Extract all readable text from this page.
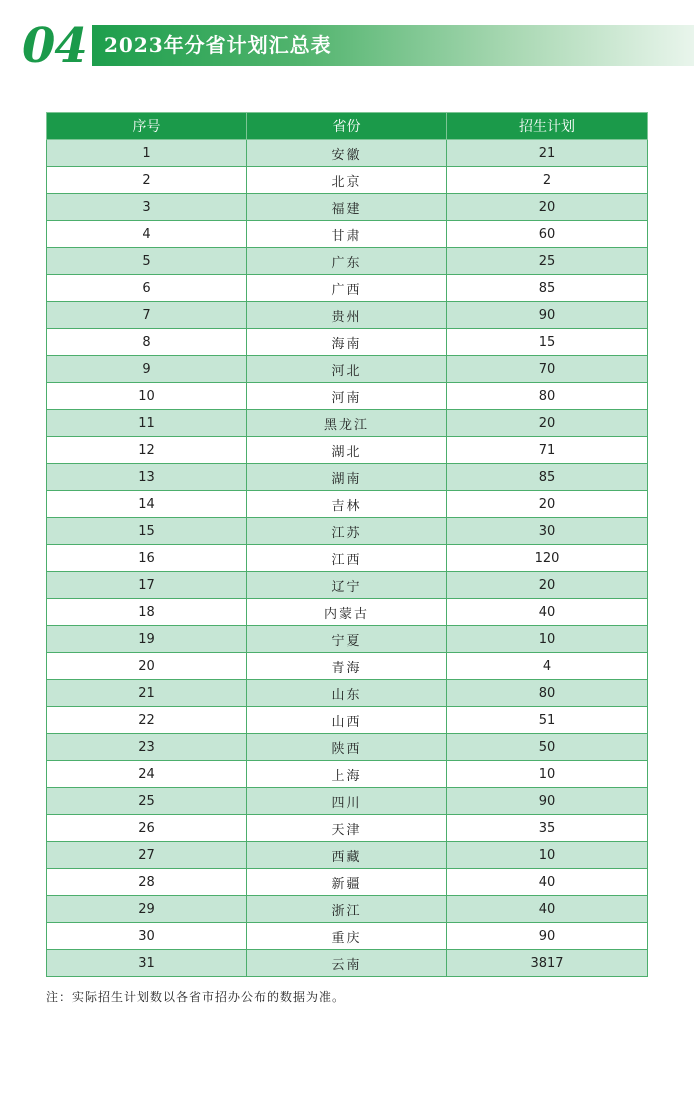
04 2023年分省计划汇总表
序号	省份	招生计划
1	安徽	21
2	北京	2
3	福建	20
4	甘肃	60
5	广东	25
6	广西	85
7	贵州	90
8	海南	15
9	河北	70
10	河南	80
11	黑龙江	20
12	湖北	71
13	湖南	85
14	吉林	20
15	江苏	30
16	江西	120
17	辽宁	20
18	内蒙古	40
19	宁夏	10
20	青海	4
21	山东	80
22	山西	51
23	陕西	50
24	上海	10
25	四川	90
26	天津	35
27	西藏	10
28	新疆	40
29	浙江	40
30	重庆	90
31	云南	3817
注：实际招生计划数以各省市招办公布的数据为准。
